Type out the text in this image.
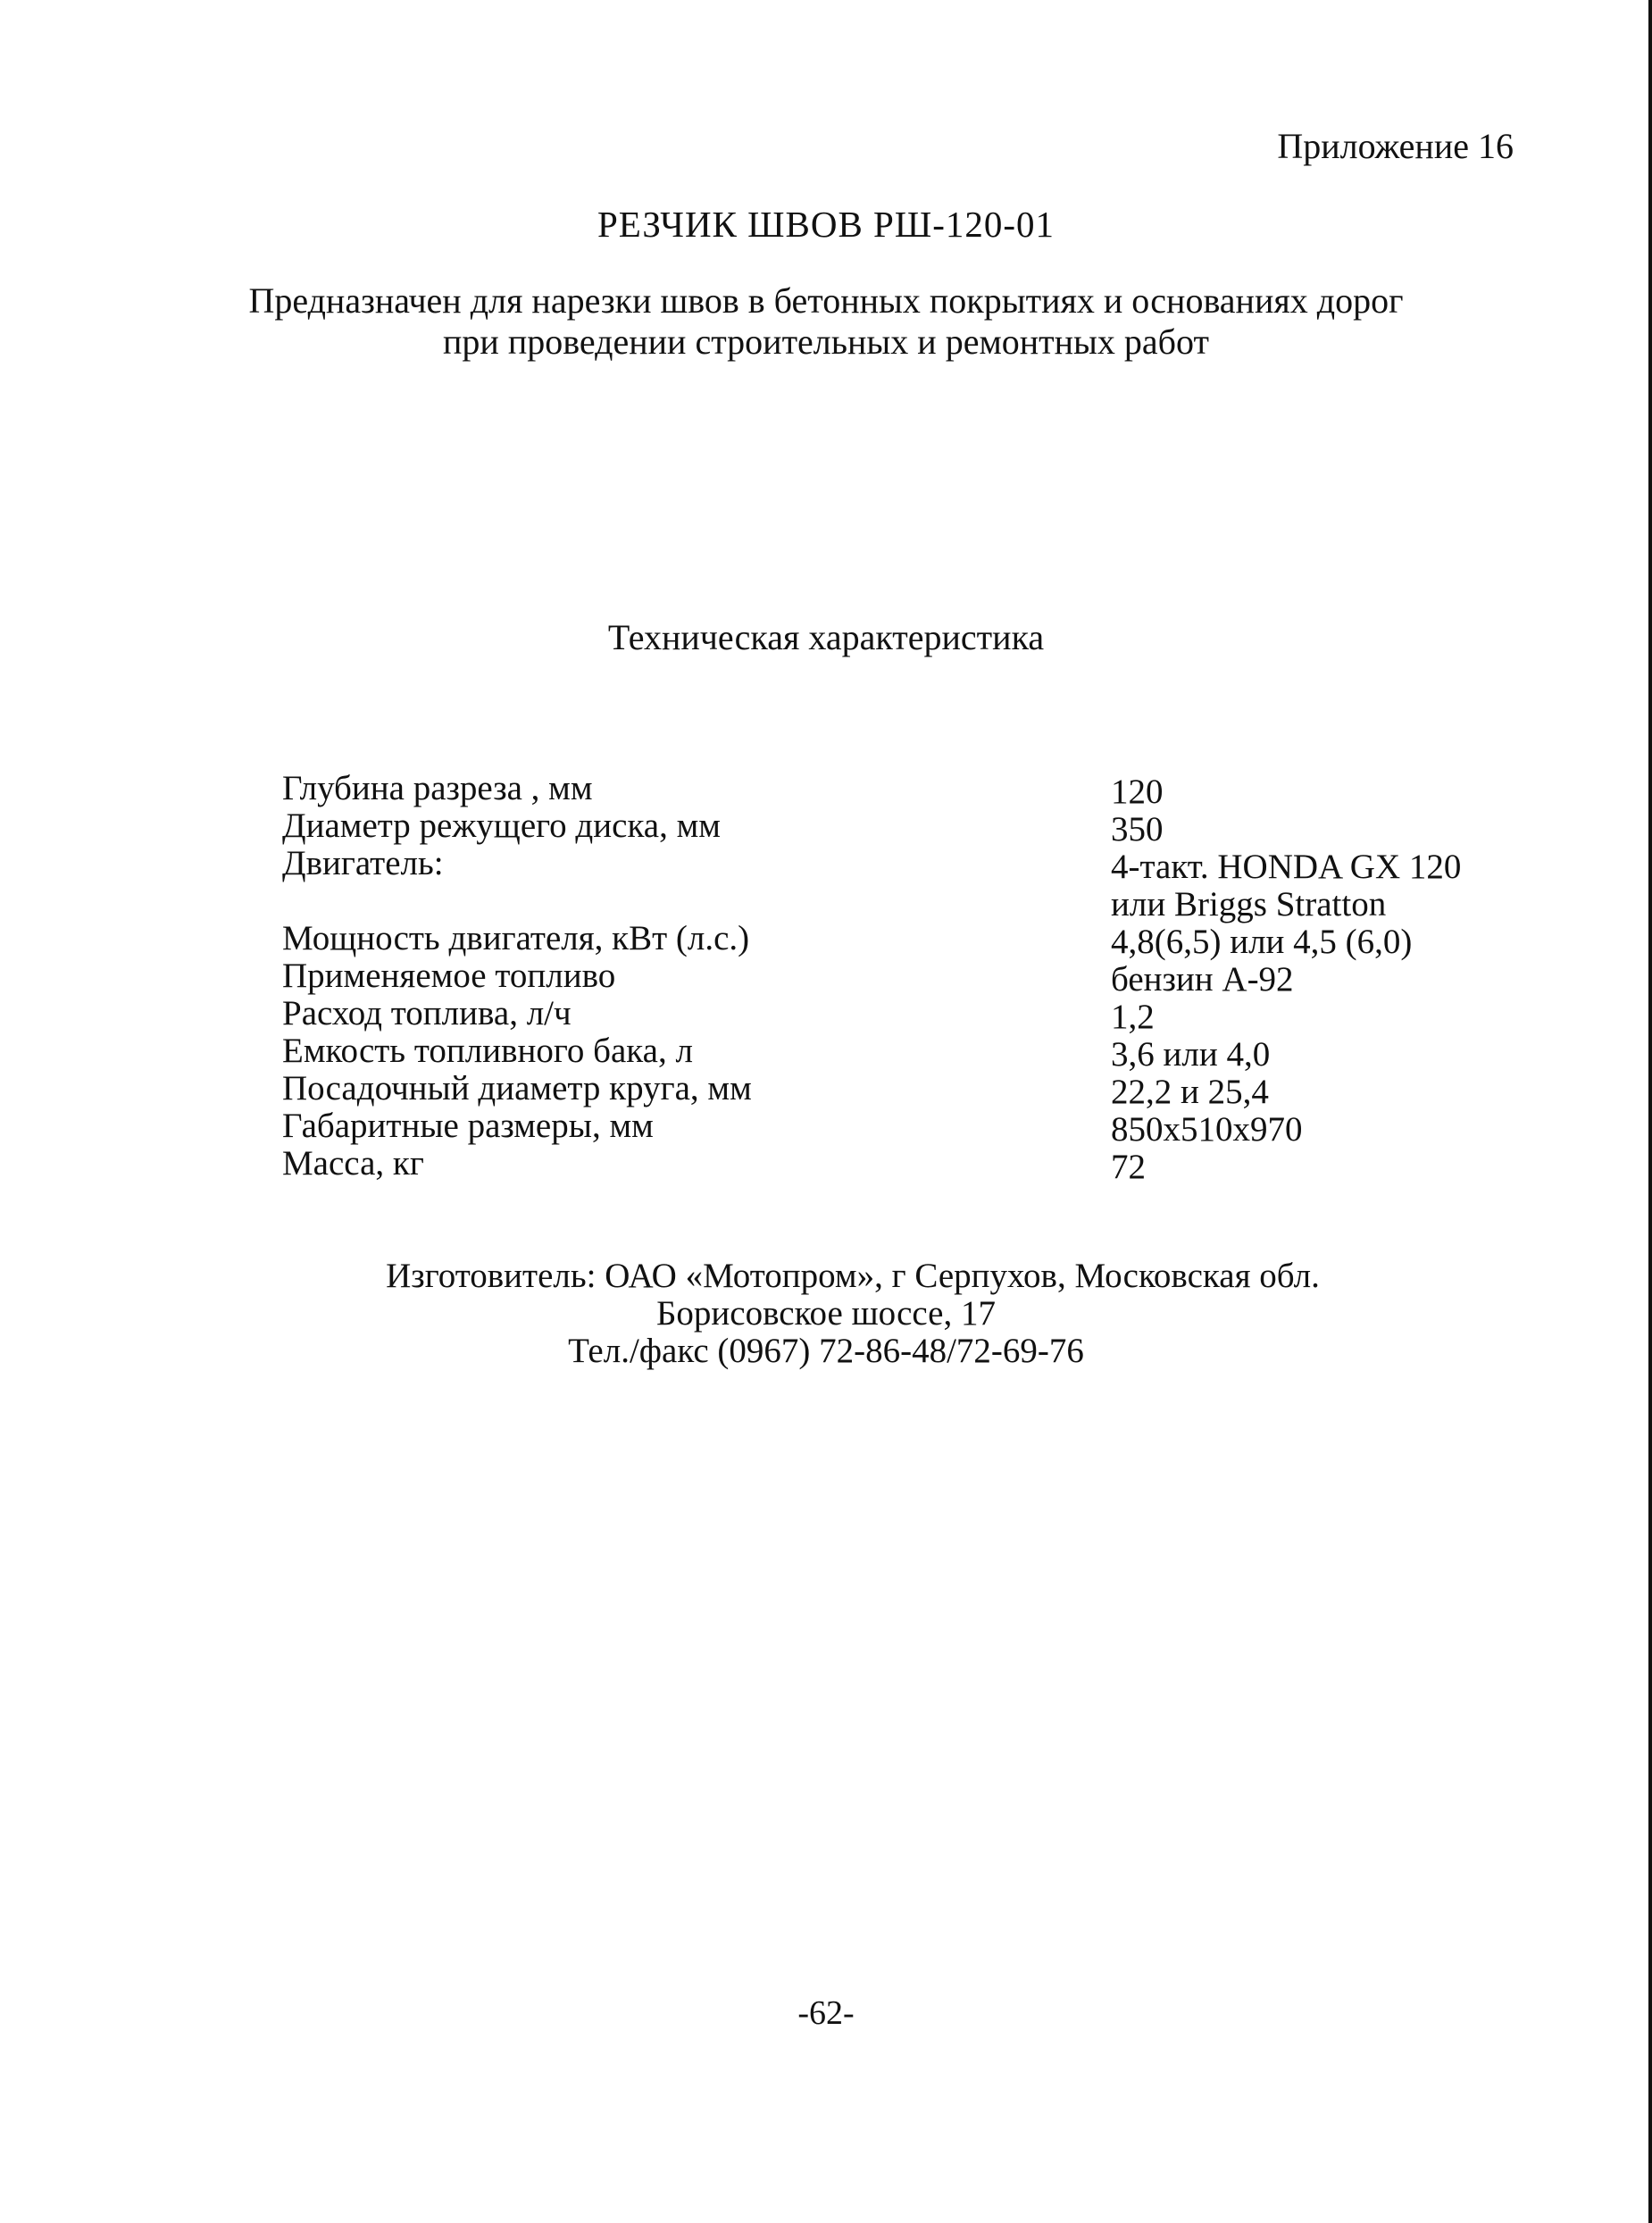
Приложение 16
РЕЗЧИК ШВОВ РШ-120-01
Предназначен для нарезки швов в бетонных покрытиях и основаниях дорог
при проведении строительных и ремонтных работ
Техническая характеристика
Глубина разреза , мм
Диаметр режущего диска, мм
Двигатель:
Мощность двигателя, кВт (л.с.)
Применяемое топливо
Расход топлива, л/ч
Емкость топливного бака, л
Посадочный диаметр круга, мм
Габаритные размеры, мм
Масса, кг
120
350
4-такт. HONDA GX 120
или Briggs Stratton
4,8(6,5) или 4,5 (6,0)
бензин А-92
1,2
3,6 или 4,0
22,2 и 25,4
850х510х970
72
Изготовитель: ОАО «Мотопром», г Серпухов, Московская обл.
Борисовское шоссе, 17
Тел./факс (0967) 72-86-48/72-69-76
-62-
